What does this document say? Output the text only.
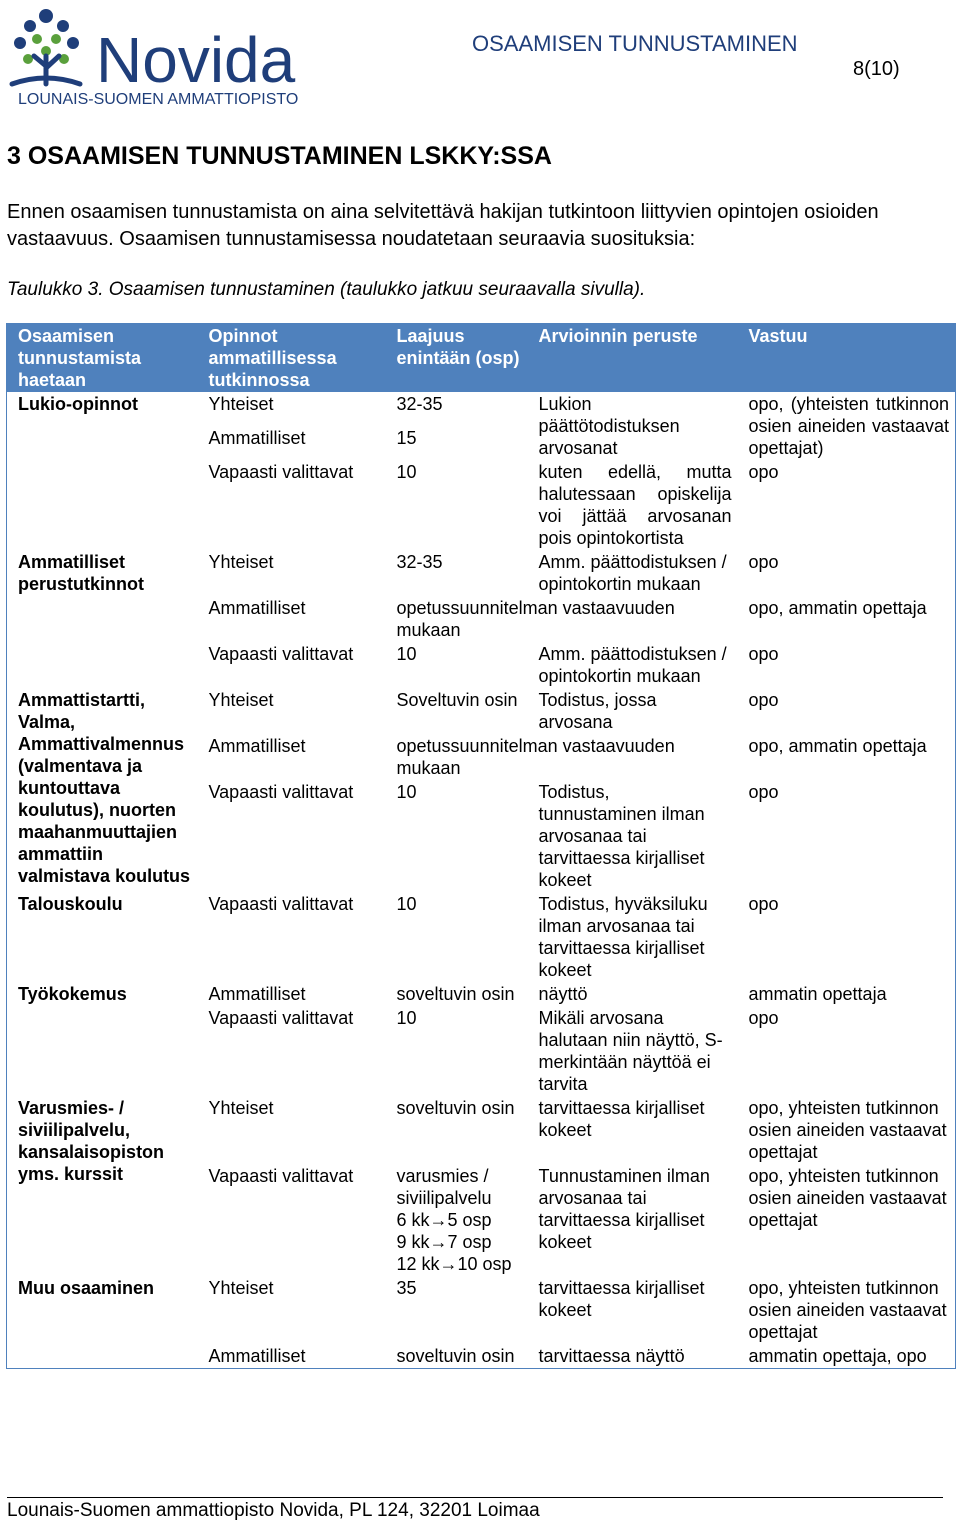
Novida
LOUNAIS-SUOMEN AMMATTIOPISTO
OSAAMISEN TUNNUSTAMINEN
8(10)
3 OSAAMISEN TUNNUSTAMINEN LSKKY:SSA

Ennen osaamisen tunnustamista on aina selvitettävä hakijan tutkintoon liittyvien opintojen osioiden vastaavuus. Osaamisen tunnustamisessa noudatetaan seuraavia suosituksia:

Taulukko 3. Osaamisen tunnustaminen (taulukko jatkuu seuraavalla sivulla).

Osaamisen tunnustamista haetaan	Opinnot ammatillisessa tutkinnossa	Laajuus enintään (osp)	Arvioinnin peruste	Vastuu
Lukio-opinnot	Yhteiset	32-35	Lukion päättötodistuksen arvosanat	opo, (yhteisten tutkinnon osien aineiden vastaavat opettajat)
	Ammatilliset	15		
	Vapaasti valittavat	10	kuten edellä, mutta halutessaan opiskelija voi jättää arvosanan pois opintokortista	opo
Ammatilliset perustutkinnot	Yhteiset	32-35	Amm. päättodistuksen / opintokortin mukaan	opo
	Ammatilliset	opetussuunnitelman vastaavuuden mukaan		opo, ammatin opettaja
	Vapaasti valittavat	10	Amm. päättodistuksen / opintokortin mukaan	opo
Ammattistartti, Valma, Ammattivalmennus (valmentava ja kuntouttava koulutus), nuorten maahanmuuttajien ammattiin valmistava koulutus	Yhteiset	Soveltuvin osin	Todistus, jossa arvosana	opo
	Ammatilliset	opetussuunnitelman vastaavuuden mukaan		opo, ammatin opettaja
	Vapaasti valittavat	10	Todistus, tunnustaminen ilman arvosanaa tai tarvittaessa kirjalliset kokeet	opo
Talouskoulu	Vapaasti valittavat	10	Todistus, hyväksiluku ilman arvosanaa tai tarvittaessa kirjalliset kokeet	opo
Työkokemus	Ammatilliset	soveltuvin osin	näyttö	ammatin opettaja
	Vapaasti valittavat	10	Mikäli arvosana halutaan niin näyttö, S- merkintään näyttöä ei tarvita	opo
Varusmies- / siviilipalvelu, kansalaisopiston yms. kurssit	Yhteiset	soveltuvin osin	tarvittaessa kirjalliset kokeet	opo, yhteisten tutkinnon osien aineiden vastaavat opettajat
	Vapaasti valittavat	varusmies / siviilipalvelu
6 kk→5 osp
9 kk→7 osp
12 kk→10 osp	Tunnustaminen ilman arvosanaa tai tarvittaessa kirjalliset kokeet	opo, yhteisten tutkinnon osien aineiden vastaavat opettajat
Muu osaaminen	Yhteiset	35	tarvittaessa kirjalliset kokeet	opo, yhteisten tutkinnon osien aineiden vastaavat opettajat
	Ammatilliset	soveltuvin osin	tarvittaessa näyttö	ammatin opettaja, opo
Lounais-Suomen ammattiopisto Novida, PL 124, 32201 Loimaa
